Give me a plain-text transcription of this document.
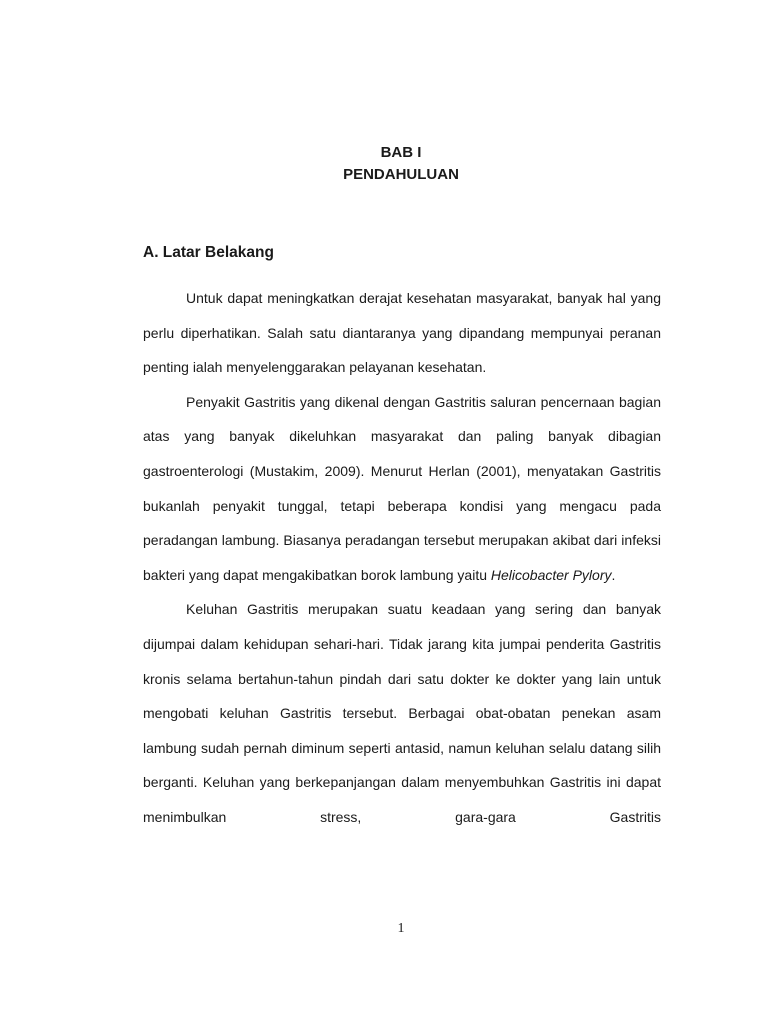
BAB I
PENDAHULUAN
A. Latar Belakang

Untuk dapat meningkatkan derajat kesehatan masyarakat, banyak hal yang perlu diperhatikan. Salah satu diantaranya yang dipandang mempunyai peranan penting ialah menyelenggarakan pelayanan kesehatan.

Penyakit Gastritis yang dikenal dengan Gastritis saluran pencernaan bagian atas yang banyak dikeluhkan masyarakat dan paling banyak dibagian gastroenterologi (Mustakim, 2009). Menurut Herlan (2001), menyatakan Gastritis bukanlah penyakit tunggal, tetapi beberapa kondisi yang mengacu pada peradangan lambung. Biasanya peradangan tersebut merupakan akibat dari infeksi bakteri yang dapat mengakibatkan borok lambung yaitu Helicobacter Pylory.

Keluhan Gastritis merupakan suatu keadaan yang sering dan banyak dijumpai dalam kehidupan sehari-hari. Tidak jarang kita jumpai penderita Gastritis kronis selama bertahun-tahun pindah dari satu dokter ke dokter yang lain untuk mengobati keluhan Gastritis tersebut. Berbagai obat-obatan penekan asam lambung sudah pernah diminum seperti antasid, namun keluhan selalu datang silih berganti. Keluhan yang berkepanjangan dalam menyembuhkan Gastritis ini dapat menimbulkan stress, gara-gara Gastritis

1
